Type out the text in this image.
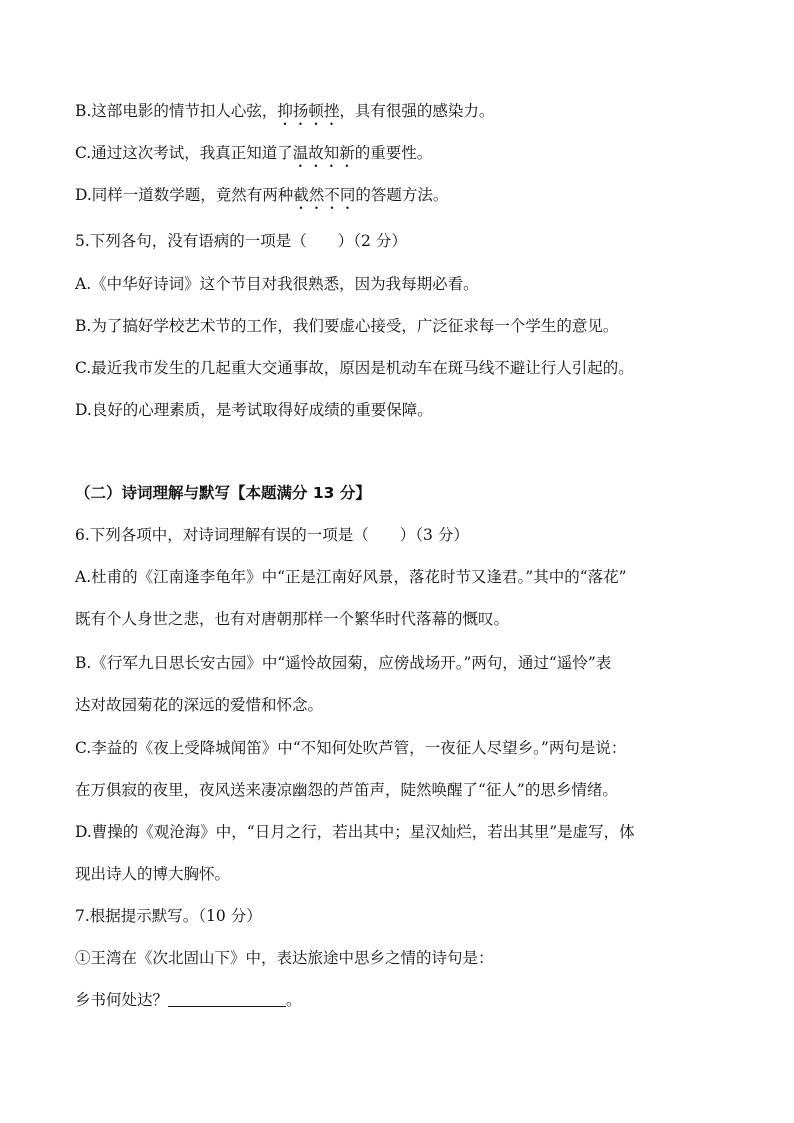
B.这部电影的情节扣人心弦，抑扬顿挫，具有很强的感染力。
C.通过这次考试，我真正知道了温故知新的重要性。
D.同样一道数学题，竟然有两种截然不同的答题方法。
5.下列各句，没有语病的一项是（　　）（2 分）
A.《中华好诗词》这个节目对我很熟悉，因为我每期必看。
B.为了搞好学校艺术节的工作，我们要虚心接受，广泛征求每一个学生的意见。
C.最近我市发生的几起重大交通事故，原因是机动车在斑马线不避让行人引起的。
D.良好的心理素质，是考试取得好成绩的重要保障。
（二）诗词理解与默写【本题满分 13 分】
6.下列各项中，对诗词理解有误的一项是（　　）（3 分）
A.杜甫的《江南逢李龟年》中“正是江南好风景，落花时节又逢君。”其中的“落花”
既有个人身世之悲，也有对唐朝那样一个繁华时代落幕的慨叹。
B.《行军九日思长安古园》中“遥怜故园菊，应傍战场开。”两句，通过“遥怜”表
达对故园菊花的深远的爱惜和怀念。
C.李益的《夜上受降城闻笛》中“不知何处吹芦管，一夜征人尽望乡。”两句是说：
在万俱寂的夜里，夜风送来凄凉幽怨的芦笛声，陡然唤醒了“征人”的思乡情绪。
D.曹操的《观沧海》中，“日月之行，若出其中；星汉灿烂，若出其里”是虚写，体
现出诗人的博大胸怀。
7.根据提示默写。（10 分）
①王湾在《次北固山下》中，表达旅途中思乡之情的诗句是：
乡书何处达？	。
